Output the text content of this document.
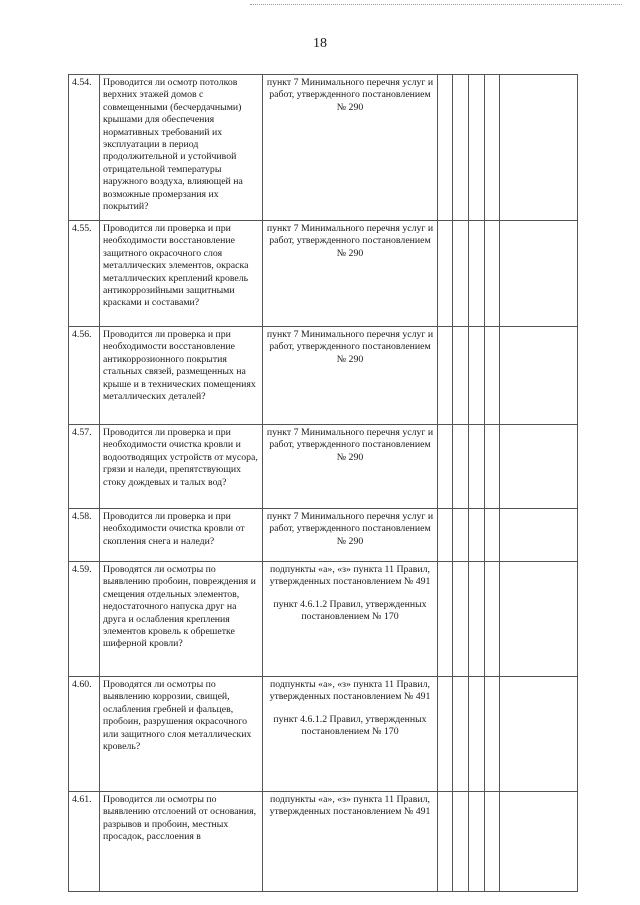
18
4.54.	Проводится ли осмотр потолков верхних этажей домов с совмещенными (бесчердачными) крышами для обеспечения нормативных требований их эксплуатации в период продолжительной и устойчивой отрицательной температуры наружного воздуха, влияющей на возможные промерзания их покрытий?	пункт 7 Минимального перечня услуг и работ, утвержденного постановлением № 290					

4.55.	Проводится ли проверка и при необходимости восстановление защитного окрасочного слоя металлических элементов, окраска металлических креплений кровель антикоррозийными защитными красками и составами?	пункт 7 Минимального перечня услуг и работ, утвержденного постановлением № 290					

4.56.	Проводится ли проверка и при необходимости восстановление антикоррозионного покрытия стальных связей, размещенных на крыше и в технических помещениях металлических деталей?	пункт 7 Минимального перечня услуг и работ, утвержденного постановлением № 290					

4.57.	Проводится ли проверка и при необходимости очистка кровли и водоотводящих устройств от мусора, грязи и наледи, препятствующих стоку дождевых и талых вод?	пункт 7 Минимального перечня услуг и работ, утвержденного постановлением № 290					

4.58.	Проводится ли проверка и при необходимости очистка кровли от скопления снега и наледи?	пункт 7 Минимального перечня услуг и работ, утвержденного постановлением № 290					

4.59.	Проводятся ли осмотры по выявлению пробоин, повреждения и смещения отдельных элементов, недостаточного напуска друг на друга и ослабления крепления элементов кровель к обрешетке шиферной кровли?	подпункты «а», «з» пункта 11 Правил, утвержденных постановлением № 491
пункт 4.6.1.2 Правил, утвержденных постановлением № 170					

4.60.	Проводятся ли осмотры по выявлению коррозии, свищей, ослабления гребней и фальцев, пробоин, разрушения окрасочного или защитного слоя металлических кровель?	подпункты «а», «з» пункта 11 Правил, утвержденных постановлением № 491
пункт 4.6.1.2 Правил, утвержденных постановлением № 170					

4.61.	Проводится ли осмотры по выявлению отслоений от основания, разрывов и пробоин, местных просадок, расслоения в	подпункты «а», «з» пункта 11 Правил, утвержденных постановлением № 491					
